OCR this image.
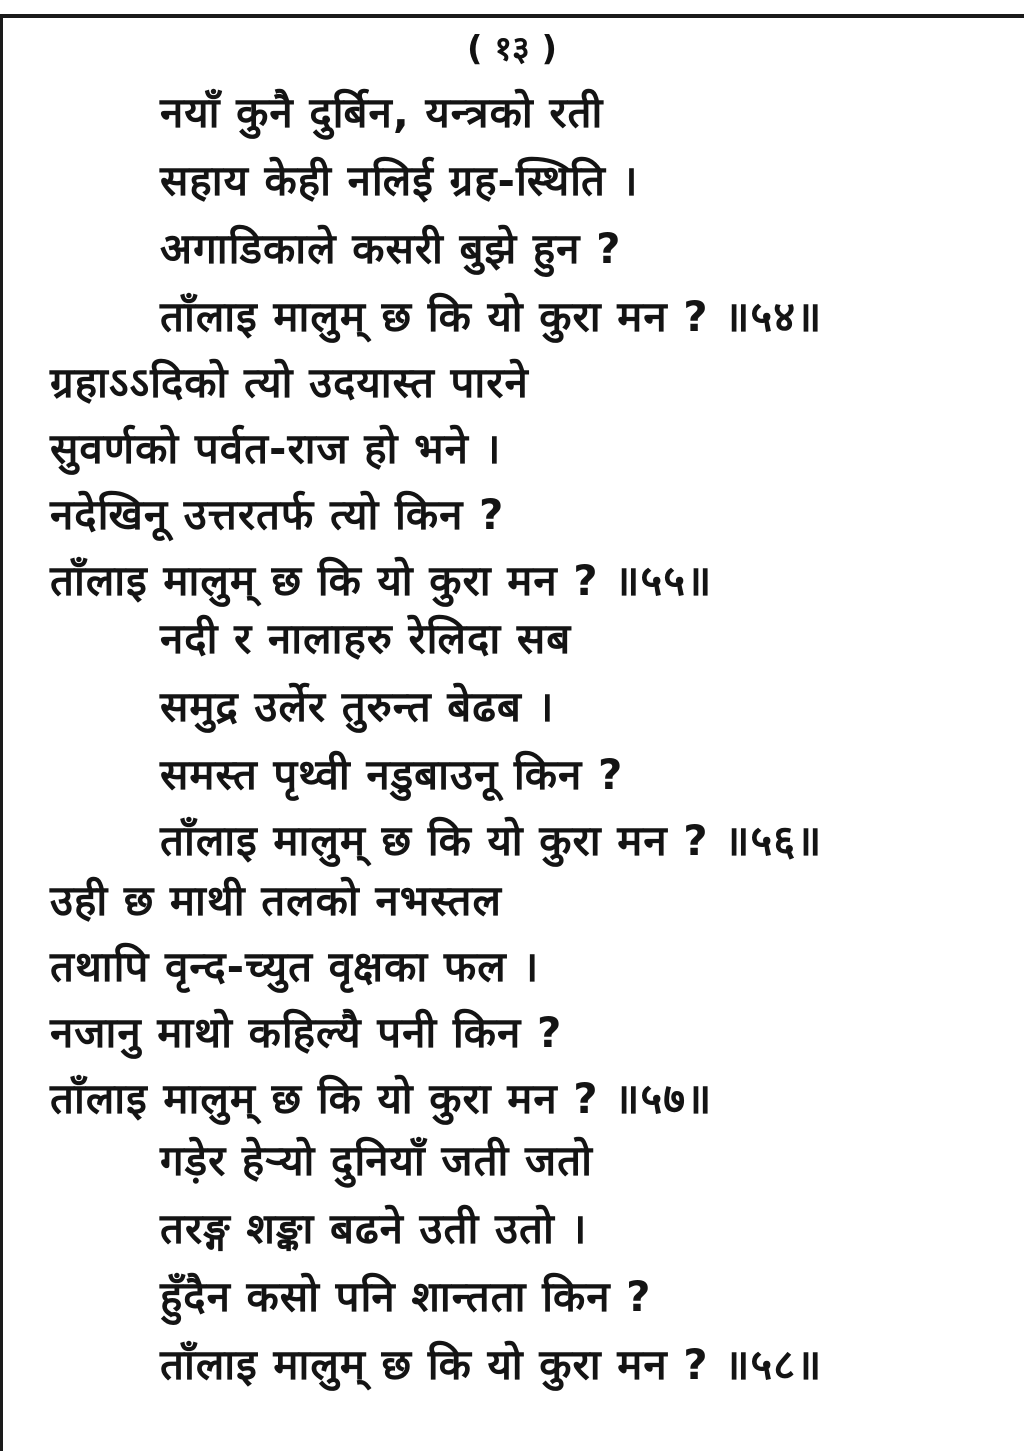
( १३ )
नयाँ कुनै दुर्बिन, यन्त्रको रती
सहाय केही नलिई ग्रह-स्थिति ।
अगाडिकाले कसरी बुझे हुन ?
ताँलाइ मालुम् छ कि यो कुरा मन ? ॥५४॥
ग्रहाऽऽदिको त्यो उदयास्त पारने
सुवर्णको पर्वत-राज हो भने ।
नदेखिनू उत्तरतर्फ त्यो किन ?
ताँलाइ मालुम् छ कि यो कुरा मन ? ॥५५॥
नदी र नालाहरु रेलिदा सब
समुद्र उर्लेर तुरुन्त बेढब ।
समस्त पृथ्वी नडुबाउनू किन ?
ताँलाइ मालुम् छ कि यो कुरा मन ? ॥५६॥
उही छ माथी तलको नभस्तल
तथापि वृन्द-च्युत वृक्षका फल ।
नजानु माथो कहिल्यै पनी किन ?
ताँलाइ मालुम् छ कि यो कुरा मन ? ॥५७॥
गड़ेर हेर्‍यो दुनियाँ जती जतो
तरङ्ग शङ्का बढने उती उतो ।
हुँदैन कसो पनि शान्तता किन ?
ताँलाइ मालुम् छ कि यो कुरा मन ? ॥५८॥
